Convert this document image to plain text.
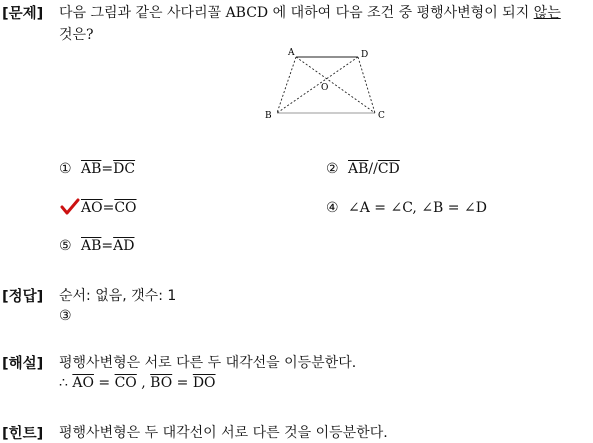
[문제] 다음 그림과 같은 사다리꼴 ABCD 에 대하여 다음 조건 중 평행사변형이 되지 않는
것은?
A	D
O
B	C
① $\overline{AB} = \overline{DC}$	② $\overline{AB} // \overline{CD}$
$\overline{AO} = \overline{CO}$	④ ∠A = ∠C, ∠B = ∠D
⑤ $\overline{AB} = \overline{AD}$
[정답] 순서: 없음, 갯수: 1
③
[해설] 평행사변형은 서로 다른 두 대각선을 이등분한다.
∴ $\overline{AO} = \overline{CO}$ , $\overline{BO} = \overline{DO}$
[힌트] 평행사변형은 두 대각선이 서로 다른 것을 이등분한다.
